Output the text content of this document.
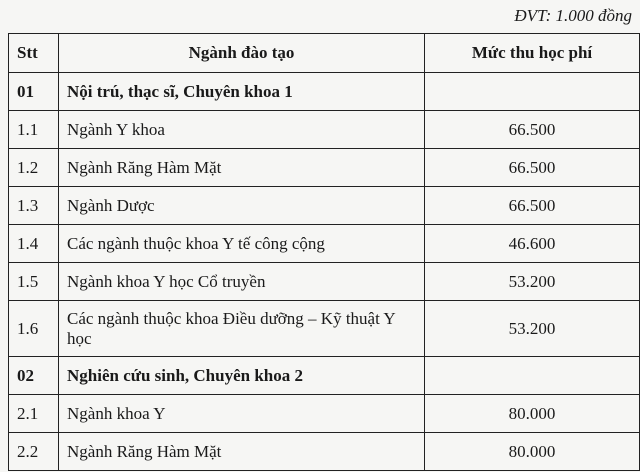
ĐVT: 1.000 đồng
Stt	Ngành đào tạo	Mức thu học phí
01	Nội trú, thạc sĩ, Chuyên khoa 1	
1.1	Ngành Y khoa	66.500
1.2	Ngành Răng Hàm Mặt	66.500
1.3	Ngành Dược	66.500
1.4	Các ngành thuộc khoa Y tế công cộng	46.600
1.5	Ngành khoa Y học Cổ truyền	53.200
1.6	Các ngành thuộc khoa Điều dưỡng – Kỹ thuật Y học	53.200
02	Nghiên cứu sinh, Chuyên khoa 2	
2.1	Ngành khoa Y	80.000
2.2	Ngành Răng Hàm Mặt	80.000
